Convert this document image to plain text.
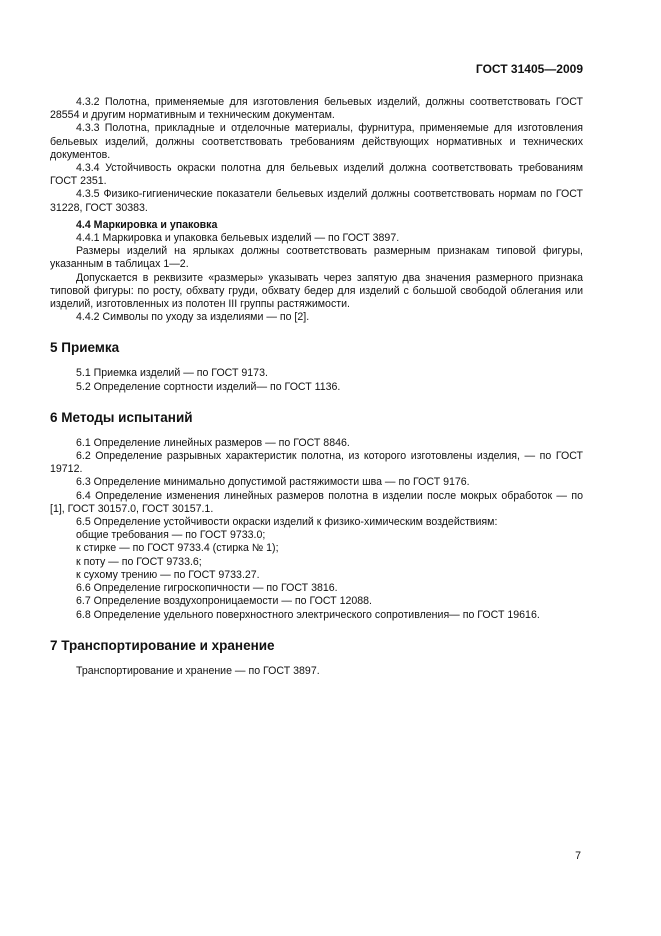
ГОСТ 31405—2009

4.3.2 Полотна, применяемые для изготовления бельевых изделий, должны соответствовать ГОСТ 28554 и другим нормативным и техническим документам.

4.3.3 Полотна, прикладные и отделочные материалы, фурнитура, применяемые для изготовления бельевых изделий, должны соответствовать требованиям действующих нормативных и технических документов.

4.3.4 Устойчивость окраски полотна для бельевых изделий должна соответствовать требованиям ГОСТ 2351.

4.3.5 Физико-гигиенические показатели бельевых изделий должны соответствовать нормам по ГОСТ 31228, ГОСТ 30383.

4.4 Маркировка и упаковка

4.4.1 Маркировка и упаковка бельевых изделий — по ГОСТ 3897.

Размеры изделий на ярлыках должны соответствовать размерным признакам типовой фигуры, указанным в таблицах 1—2.

Допускается в реквизите «размеры» указывать через запятую два значения размерного признака типовой фигуры: по росту, обхвату груди, обхвату бедер для изделий с большой свободой облегания или изделий, изготовленных из полотен III группы растяжимости.

4.4.2 Символы по уходу за изделиями — по [2].

5 Приемка

5.1 Приемка изделий — по ГОСТ 9173.

5.2 Определение сортности изделий— по ГОСТ 1136.

6 Методы испытаний

6.1 Определение линейных размеров — по ГОСТ 8846.

6.2 Определение разрывных характеристик полотна, из которого изготовлены изделия, — по ГОСТ 19712.

6.3 Определение минимально допустимой растяжимости шва — по ГОСТ 9176.

6.4 Определение изменения линейных размеров полотна в изделии после мокрых обработок — по [1], ГОСТ 30157.0, ГОСТ 30157.1.

6.5 Определение устойчивости окраски изделий к физико-химическим воздействиям:

общие требования — по ГОСТ 9733.0;

к стирке — по ГОСТ 9733.4 (стирка № 1);

к поту — по ГОСТ 9733.6;

к сухому трению — по ГОСТ 9733.27.

6.6 Определение гигроскопичности — по ГОСТ 3816.

6.7 Определение воздухопроницаемости — по ГОСТ 12088.

6.8 Определение удельного поверхностного электрического сопротивления— по ГОСТ 19616.

7 Транспортирование и хранение

Транспортирование и хранение — по ГОСТ 3897.

7
